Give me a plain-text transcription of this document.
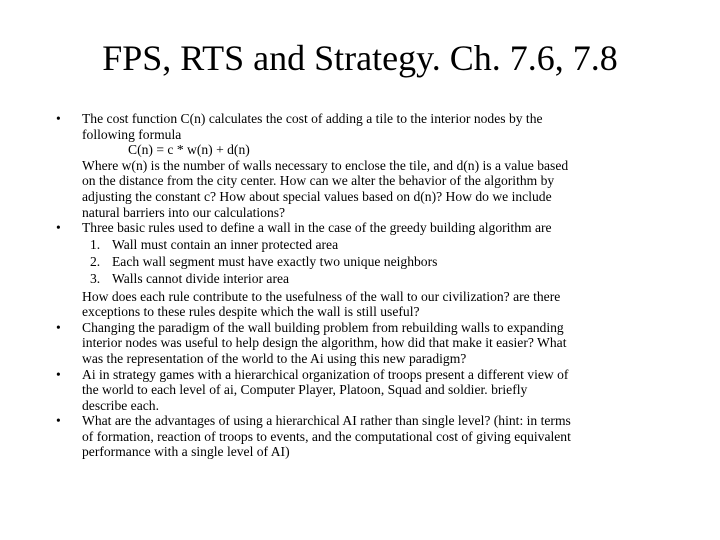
FPS, RTS and Strategy. Ch. 7.6, 7.8
•	The cost function C(n) calculates the cost of adding a tile to the interior nodes by the
following formula
C(n) = c * w(n) + d(n)
Where w(n) is the number of walls necessary to enclose the tile, and d(n) is a value based
on the distance from the city center. How can we alter the behavior of the algorithm by
adjusting the constant c? How about special values based on d(n)? How do we include
natural barriers into our calculations?
•	Three basic rules used to define a wall in the case of the greedy building algorithm are
1. Wall must contain an inner protected area
2. Each wall segment must have exactly two unique neighbors
3. Walls cannot divide interior area
How does each rule contribute to the usefulness of the wall to our civilization? are there
exceptions to these rules despite which the wall is still useful?
•	Changing the paradigm of the wall building problem from rebuilding walls to expanding
interior nodes was useful to help design the algorithm, how did that make it easier? What
was the representation of the world to the Ai using this new paradigm?
•	Ai in strategy games with a hierarchical organization of troops present a different view of
the world to each level of ai, Computer Player, Platoon, Squad and soldier. briefly
describe each.
•	What are the advantages of using a hierarchical AI rather than single level? (hint: in terms
of formation, reaction of troops to events, and the computational cost of giving equivalent
performance with a single level of AI)
